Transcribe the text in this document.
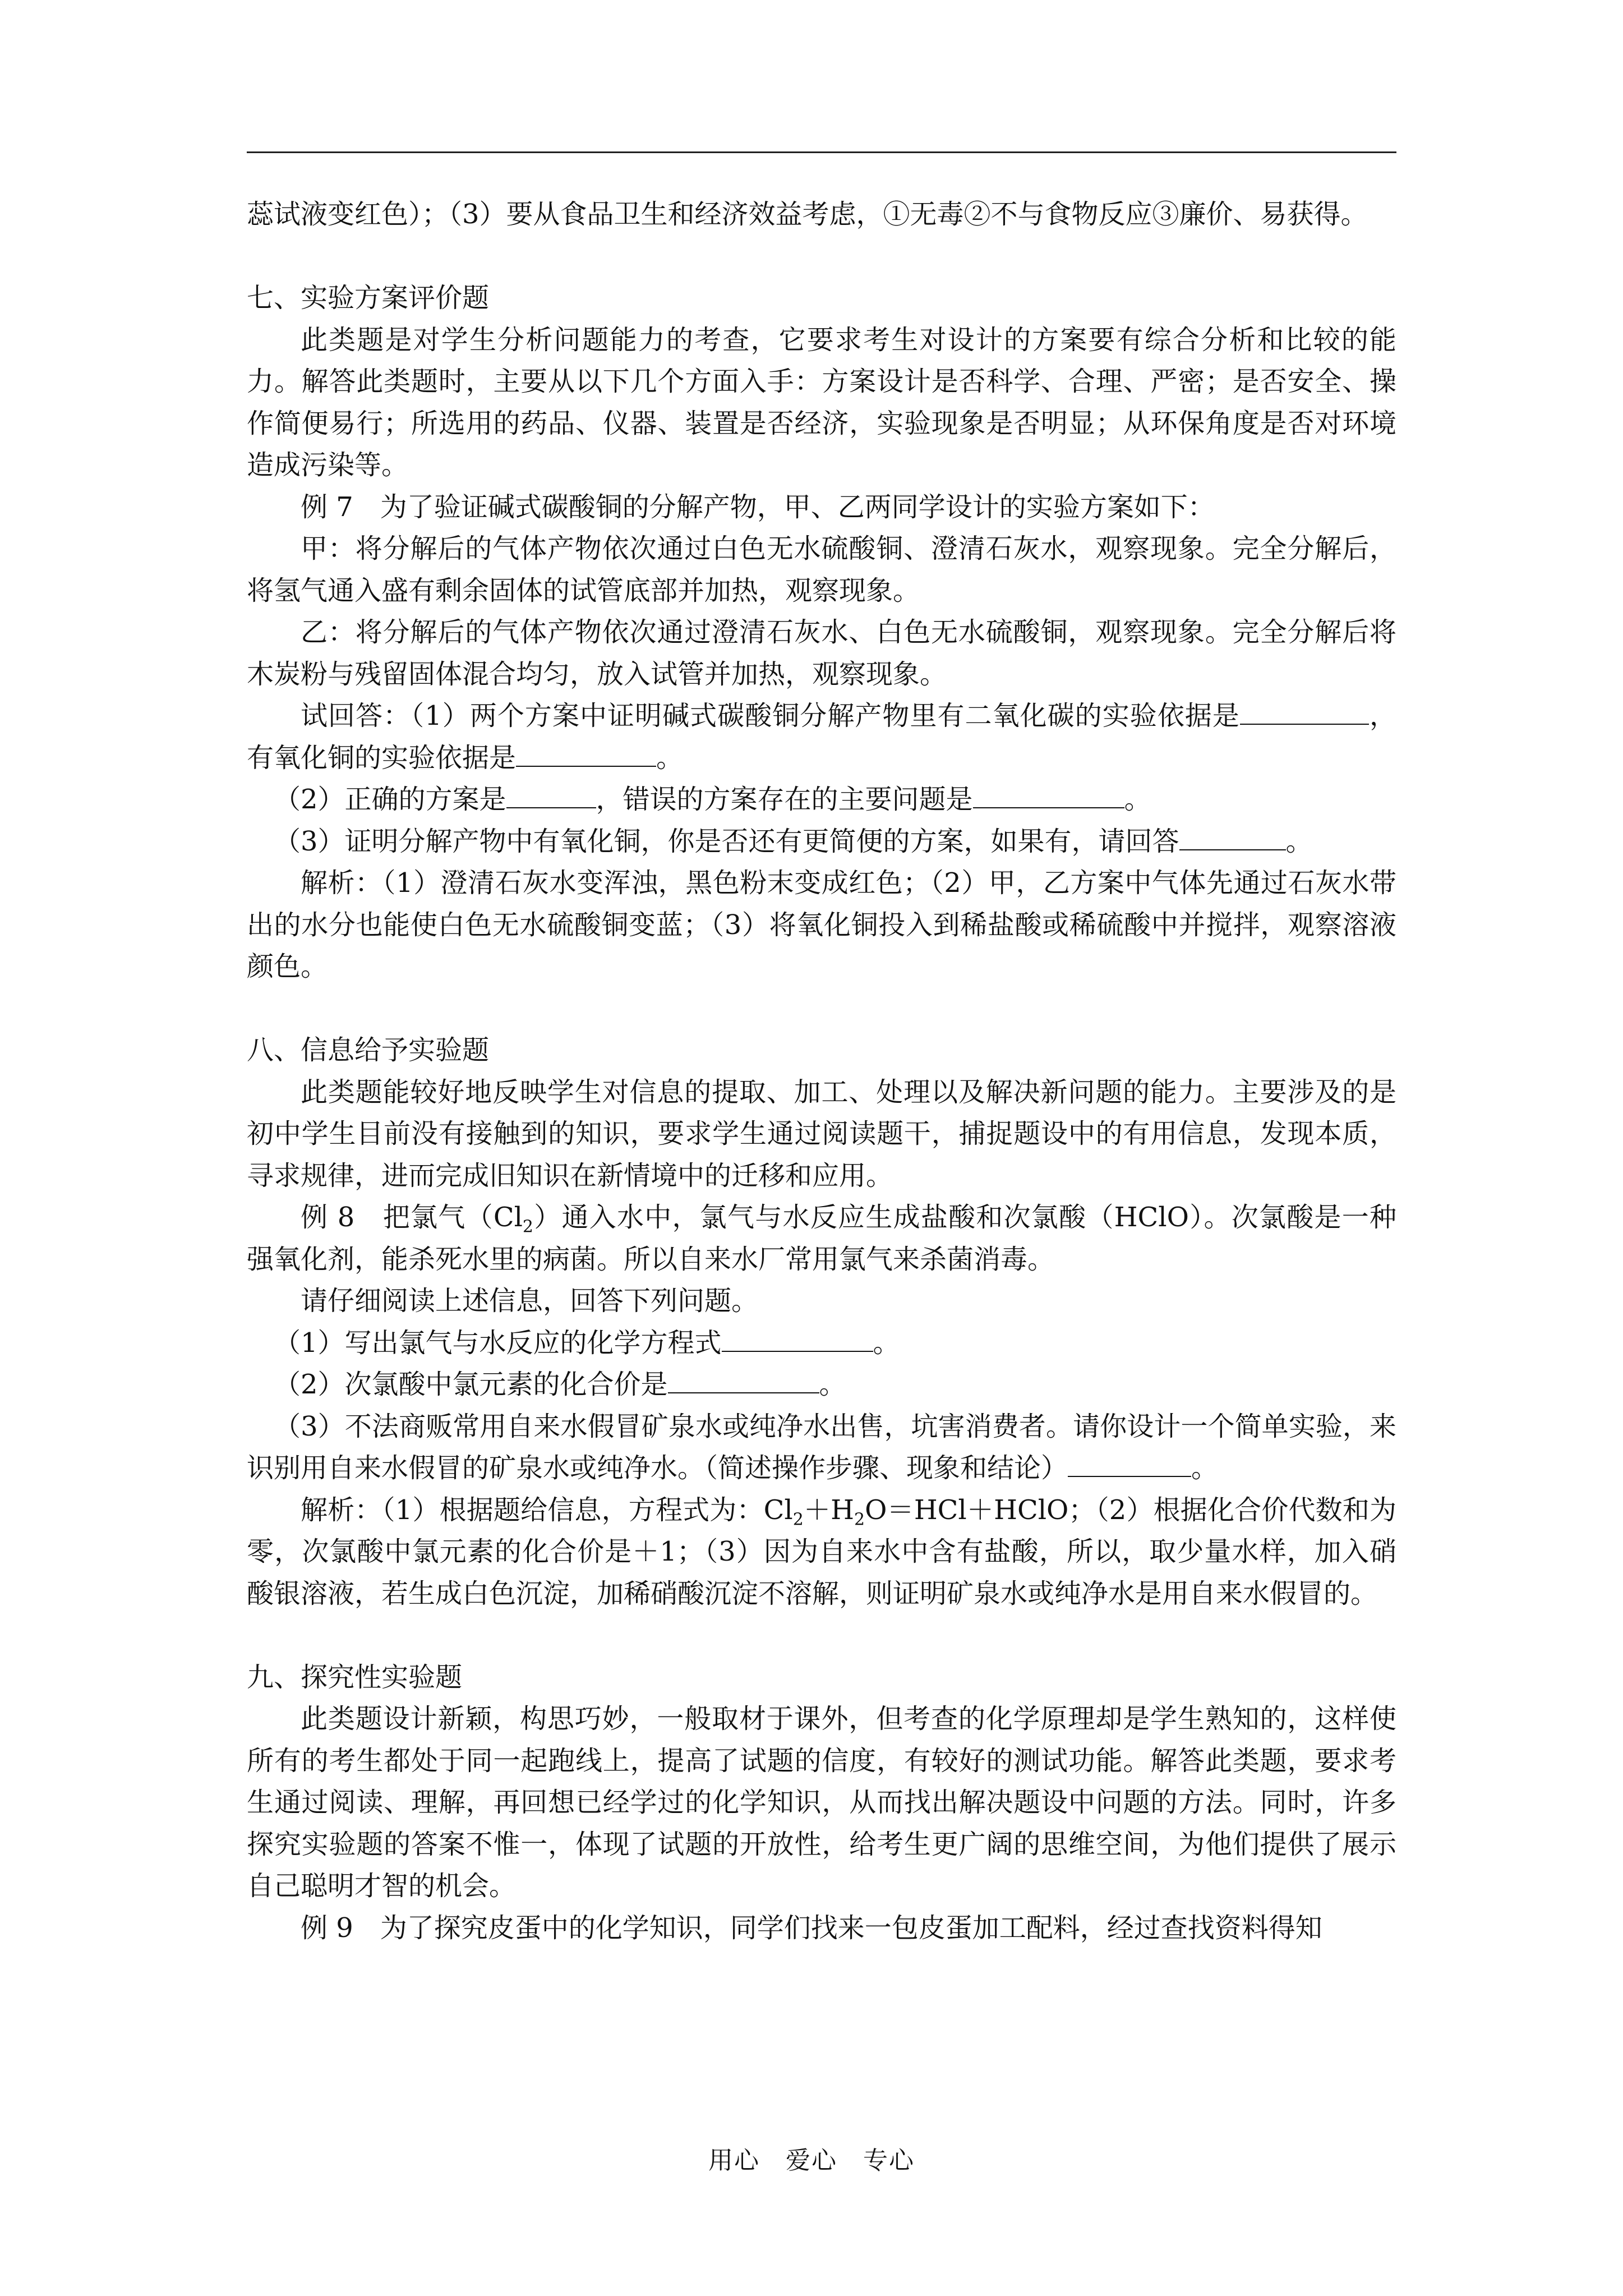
蕊试液变红色）；（3）要从食品卫生和经济效益考虑，①无毒②不与食物反应③廉价、易获得。

七、实验方案评价题

此类题是对学生分析问题能力的考查，它要求考生对设计的方案要有综合分析和比较的能力。解答此类题时，主要从以下几个方面入手：方案设计是否科学、合理、严密；是否安全、操作简便易行；所选用的药品、仪器、装置是否经济，实验现象是否明显；从环保角度是否对环境造成污染等。

例 7　为了验证碱式碳酸铜的分解产物，甲、乙两同学设计的实验方案如下：

甲：将分解后的气体产物依次通过白色无水硫酸铜、澄清石灰水，观察现象。完全分解后，将氢气通入盛有剩余固体的试管底部并加热，观察现象。

乙：将分解后的气体产物依次通过澄清石灰水、白色无水硫酸铜，观察现象。完全分解后将木炭粉与残留固体混合均匀，放入试管并加热，观察现象。

试回答：（1）两个方案中证明碱式碳酸铜分解产物里有二氧化碳的实验依据是	，有氧化铜的实验依据是	。

（2）正确的方案是	，错误的方案存在的主要问题是	。

（3）证明分解产物中有氧化铜，你是否还有更简便的方案，如果有，请回答	。

解析：（1）澄清石灰水变浑浊，黑色粉末变成红色；（2）甲，乙方案中气体先通过石灰水带出的水分也能使白色无水硫酸铜变蓝；（3）将氧化铜投入到稀盐酸或稀硫酸中并搅拌，观察溶液颜色。

八、信息给予实验题

此类题能较好地反映学生对信息的提取、加工、处理以及解决新问题的能力。主要涉及的是初中学生目前没有接触到的知识，要求学生通过阅读题干，捕捉题设中的有用信息，发现本质，寻求规律，进而完成旧知识在新情境中的迁移和应用。

例 8　把氯气$(Cl_2)$通入水中，氯气与水反应生成盐酸和次氯酸（HClO）。次氯酸是一种强氧化剂，能杀死水里的病菌。所以自来水厂常用氯气来杀菌消毒。

请仔细阅读上述信息，回答下列问题。

（1）写出氯气与水反应的化学方程式	。

（2）次氯酸中氯元素的化合价是	。

（3）不法商贩常用自来水假冒矿泉水或纯净水出售，坑害消费者。请你设计一个简单实验，来识别用自来水假冒的矿泉水或纯净水。（简述操作步骤、现象和结论）	。

解析：（1）根据题给信息，方程式为：$Cl_2+H_2O=HCl+HClO$；（2）根据化合价代数和为零，次氯酸中氯元素的化合价是＋1；（3）因为自来水中含有盐酸，所以，取少量水样，加入硝酸银溶液，若生成白色沉淀，加稀硝酸沉淀不溶解，则证明矿泉水或纯净水是用自来水假冒的。

九、探究性实验题

此类题设计新颖，构思巧妙，一般取材于课外，但考查的化学原理却是学生熟知的，这样使所有的考生都处于同一起跑线上，提高了试题的信度，有较好的测试功能。解答此类题，要求考生通过阅读、理解，再回想已经学过的化学知识，从而找出解决题设中问题的方法。同时，许多探究实验题的答案不惟一，体现了试题的开放性，给考生更广阔的思维空间，为他们提供了展示自己聪明才智的机会。

例 9　为了探究皮蛋中的化学知识，同学们找来一包皮蛋加工配料，经过查找资料得知

用心　爱心　专心
